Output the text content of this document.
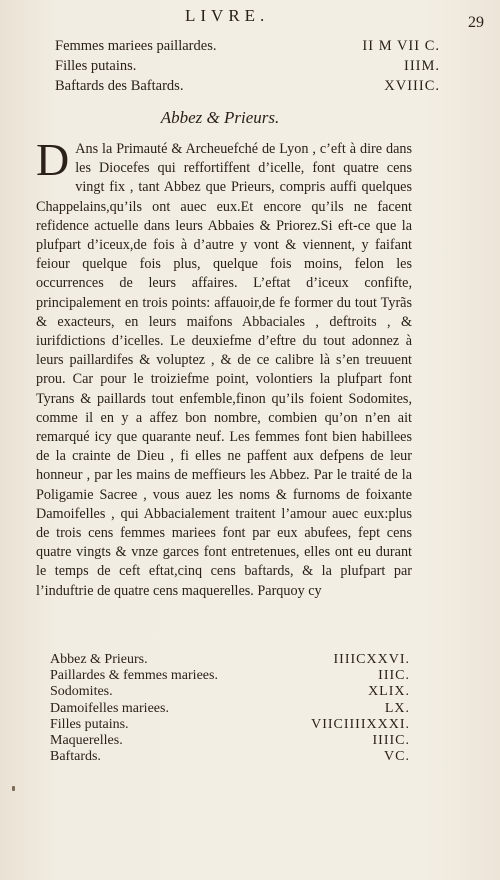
LIVRE.	29
Femmes mariees paillardes.	II M VII C.
Filles putains.	IIIM.
Baftards des Baftards.	XVIIIC.
Abbez & Prieurs.
D Ans la Primauté & Archeuefché de Lyon , c’eft à dire dans les Diocefes qui reffortiffent d’icelle, font quatre cens vingt fix , tant Abbez que Prieurs, compris auffi quelques Chappelains,qu’ils ont auec eux.Et encore qu’ils ne facent refidence actuelle dans leurs Abbaies & Priorez.Si eft-ce que la plufpart d’iceux,de fois à d’autre y vont & viennent, y faifant feiour quelque fois plus, quelque fois moins, felon les occurrences de leurs affaires. L’eftat d’iceux confifte, principalement en trois points: affauoir,de fe former du tout Tyrãs & exacteurs, en leurs maifons Abbaciales , deftroits , & iurifdictions d’icelles. Le deuxiefme d’eftre du tout adonnez à leurs paillardifes & voluptez , & de ce calibre là s’en treuuent prou. Car pour le troiziefme point, volontiers la plufpart font Tyrans & paillards tout enfemble,finon qu’ils foient Sodomites, comme il en y a affez bon nombre, combien qu’on n’en ait remarqué icy que quarante neuf. Les femmes font bien habillees de la crainte de Dieu , fi elles ne paffent aux defpens de leur honneur , par les mains de meffieurs les Abbez. Par le traité de la Poligamie Sacree , vous auez les noms & furnoms de foixante Damoifelles , qui Abbacialement traitent l’amour auec eux:plus de trois cens femmes mariees font par eux abufees, fept cens quatre vingts & vnze garces font entretenues, elles ont eu durant le temps de ceft eftat,cinq cens baftards, & la plufpart par l’induftrie de quatre cens maquerelles. Parquoy cy
Abbez & Prieurs.	IIIICXXVI.
Paillardes & femmes mariees.	IIIC.
Sodomites.	XLIX.
Damoifelles mariees.	LX.
Filles putains.	VIICIIIIXXXI.
Maquerelles.	IIIIC.
Baftards.	VC.
